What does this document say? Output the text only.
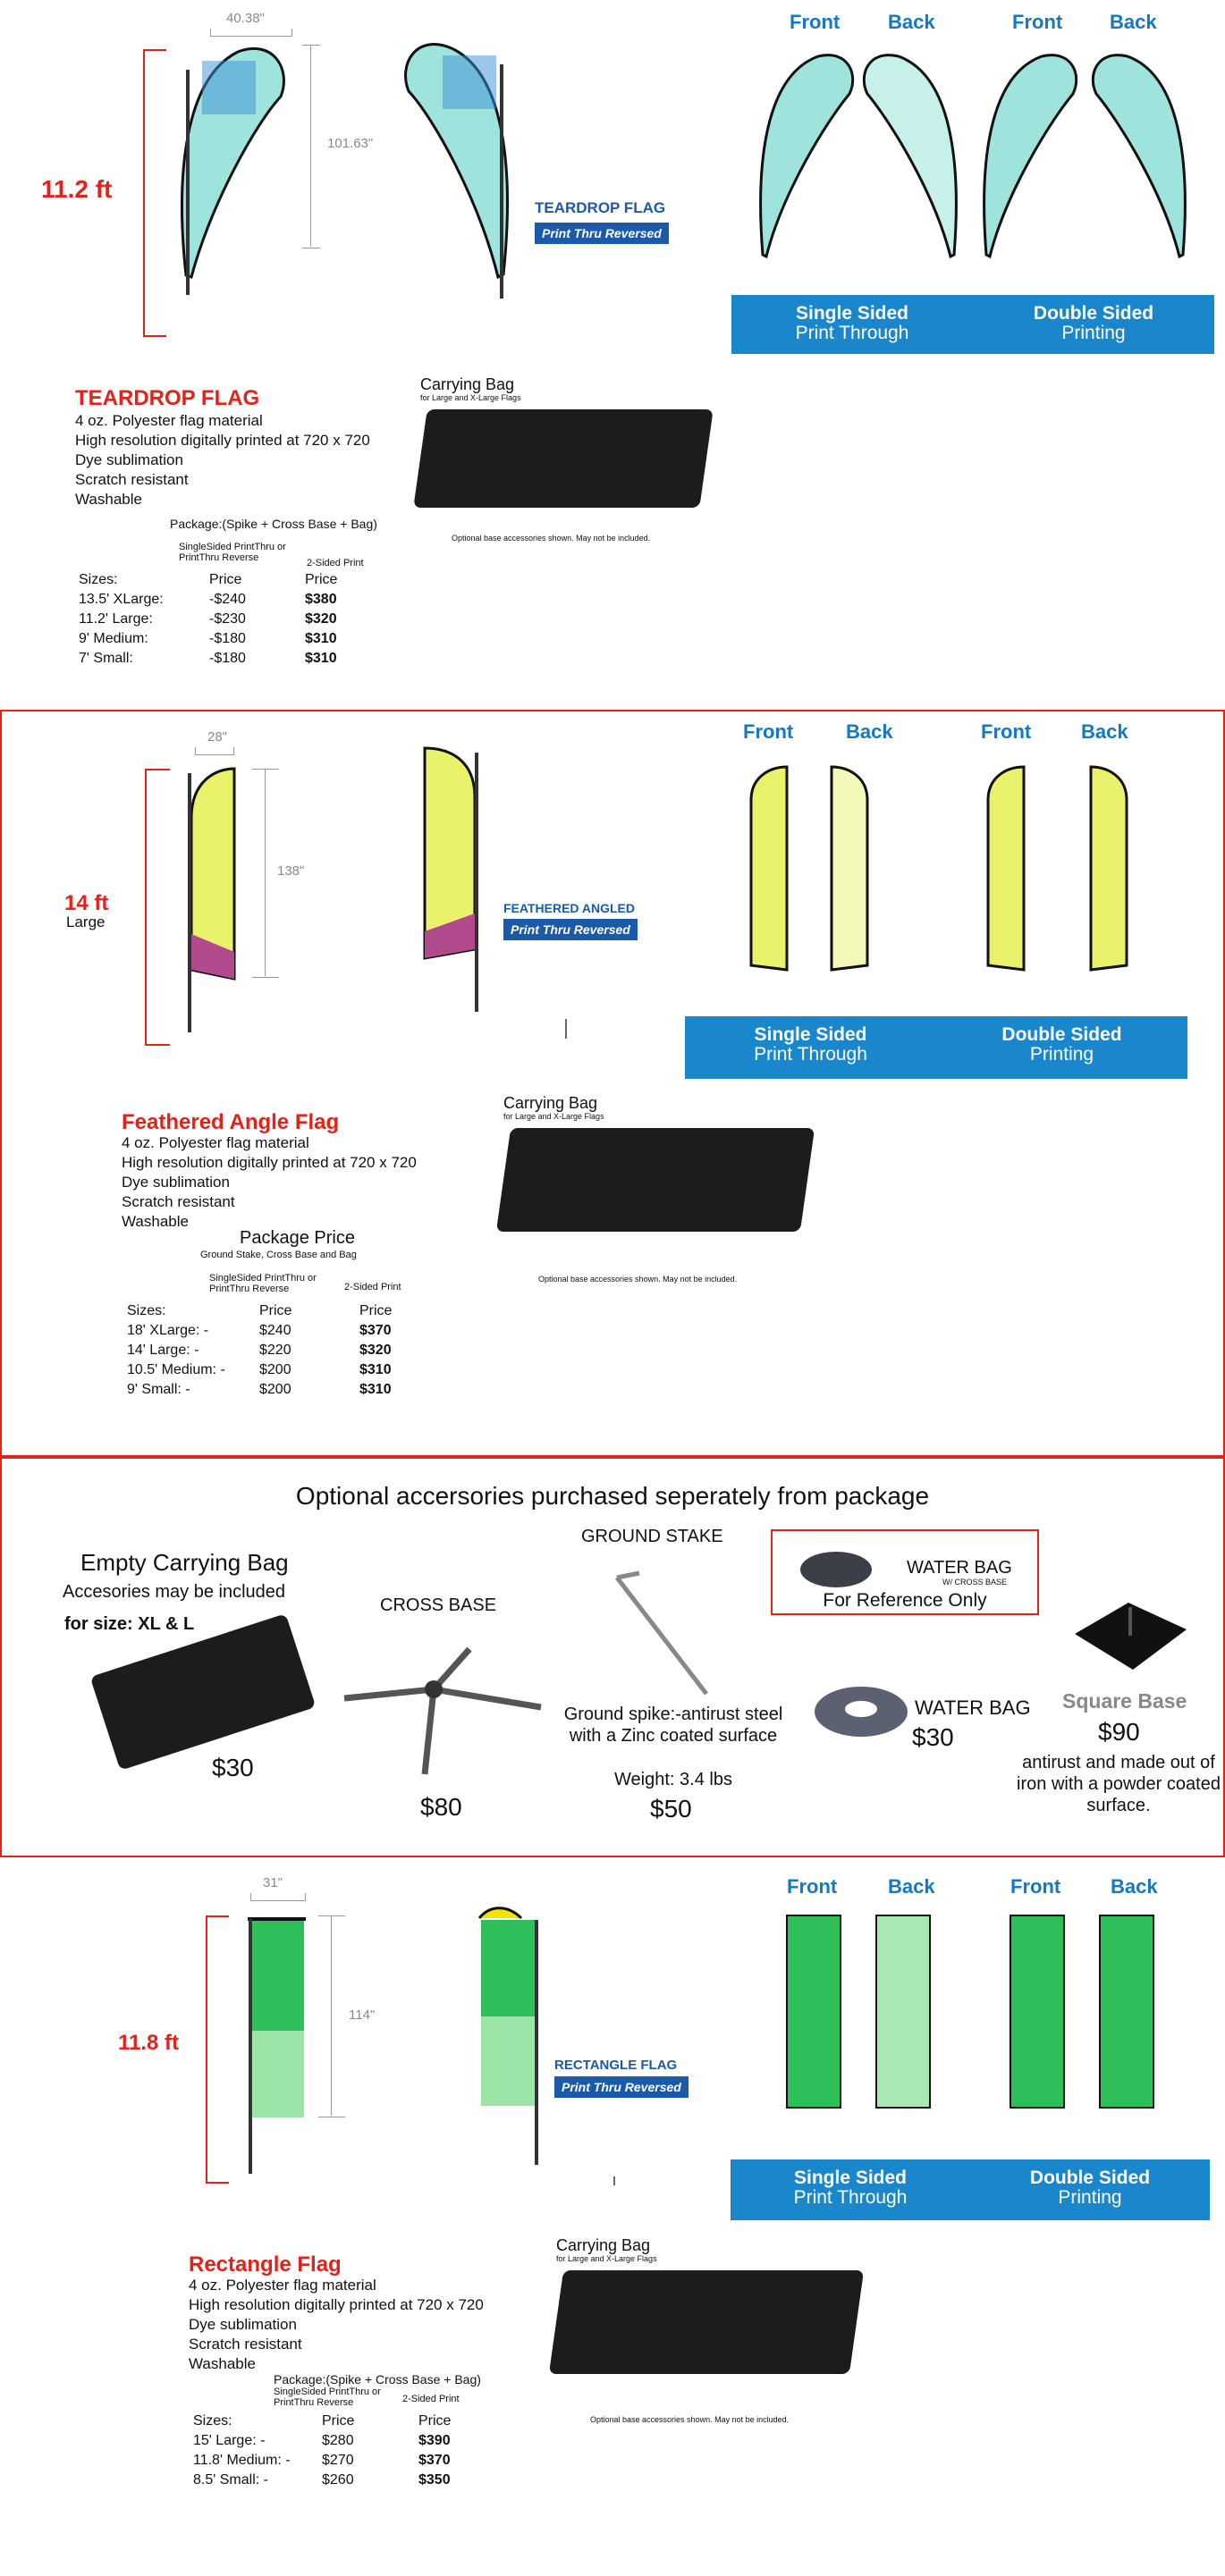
40.38"
11.2 ft
101.63"
TEARDROP FLAG
Print Thru Reversed
Front Back	Front Back
Single Sided
Print Through
Double Sided
Printing
TEARDROP FLAG
4 oz. Polyester flag material
High resolution digitally printed at 720 x 720
Dye sublimation
Scratch resistant
Washable
Package:(Spike + Cross Base + Bag)
SingleSided PrintThru or PrintThru Reverse	2-Sided Print
Sizes:	Price	Price
13.5' XLarge:	-$240	$380
11.2' Large:	-$230	$320
9' Medium:	-$180	$310
7' Small:	-$180	$310
Carrying Bag
for Large and X-Large Flags
Optional base accessories shown. May not be included.
28"
14 ft
Large
138"
FEATHERED ANGLED
Print Thru Reversed
Front	Back	Front	Back
Single Sided
Print Through
Double Sided
Printing
Feathered Angle Flag
4 oz. Polyester flag material
High resolution digitally printed at 720 x 720
Dye sublimation
Scratch resistant
Washable
Package Price
Ground Stake, Cross Base and Bag
SingleSided PrintThru or PrintThru Reverse	2-Sided Print
Sizes:	Price	Price
18' XLarge: -	$240	$370
14' Large: -	$220	$320
10.5' Medium: - $200	$310
9' Small: -	$200	$310
Carrying Bag
for Large and X-Large Flags
Optional base accessories shown. May not be included.
Optional accersories purchased seperately from package
Empty Carrying Bag
Accesories may be included
for size: XL & L
$30
CROSS BASE
$80
GROUND STAKE
Ground spike:-antirust steel with a Zinc coated surface
Weight: 3.4 lbs
$50
WATER BAG
W/ CROSS BASE
For Reference Only
WATER BAG
$30
Square Base
$90
antirust and made out of iron with a powder coated surface.
31"
11.8 ft
114"
RECTANGLE FLAG
Print Thru Reversed
Front	Back	Front	Back
Single Sided
Print Through
Double Sided
Printing
Rectangle Flag
4 oz. Polyester flag material
High resolution digitally printed at 720 x 720
Dye sublimation
Scratch resistant
Washable
Package:(Spike + Cross Base + Bag)
SingleSided PrintThru or PrintThru Reverse	2-Sided Print
Sizes:	Price	Price
15' Large: -	$280	$390
11.8' Medium: - $270	$370
8.5' Small: -	$260	$350
Carrying Bag
for Large and X-Large Flags
Optional base accessories shown. May not be included.
